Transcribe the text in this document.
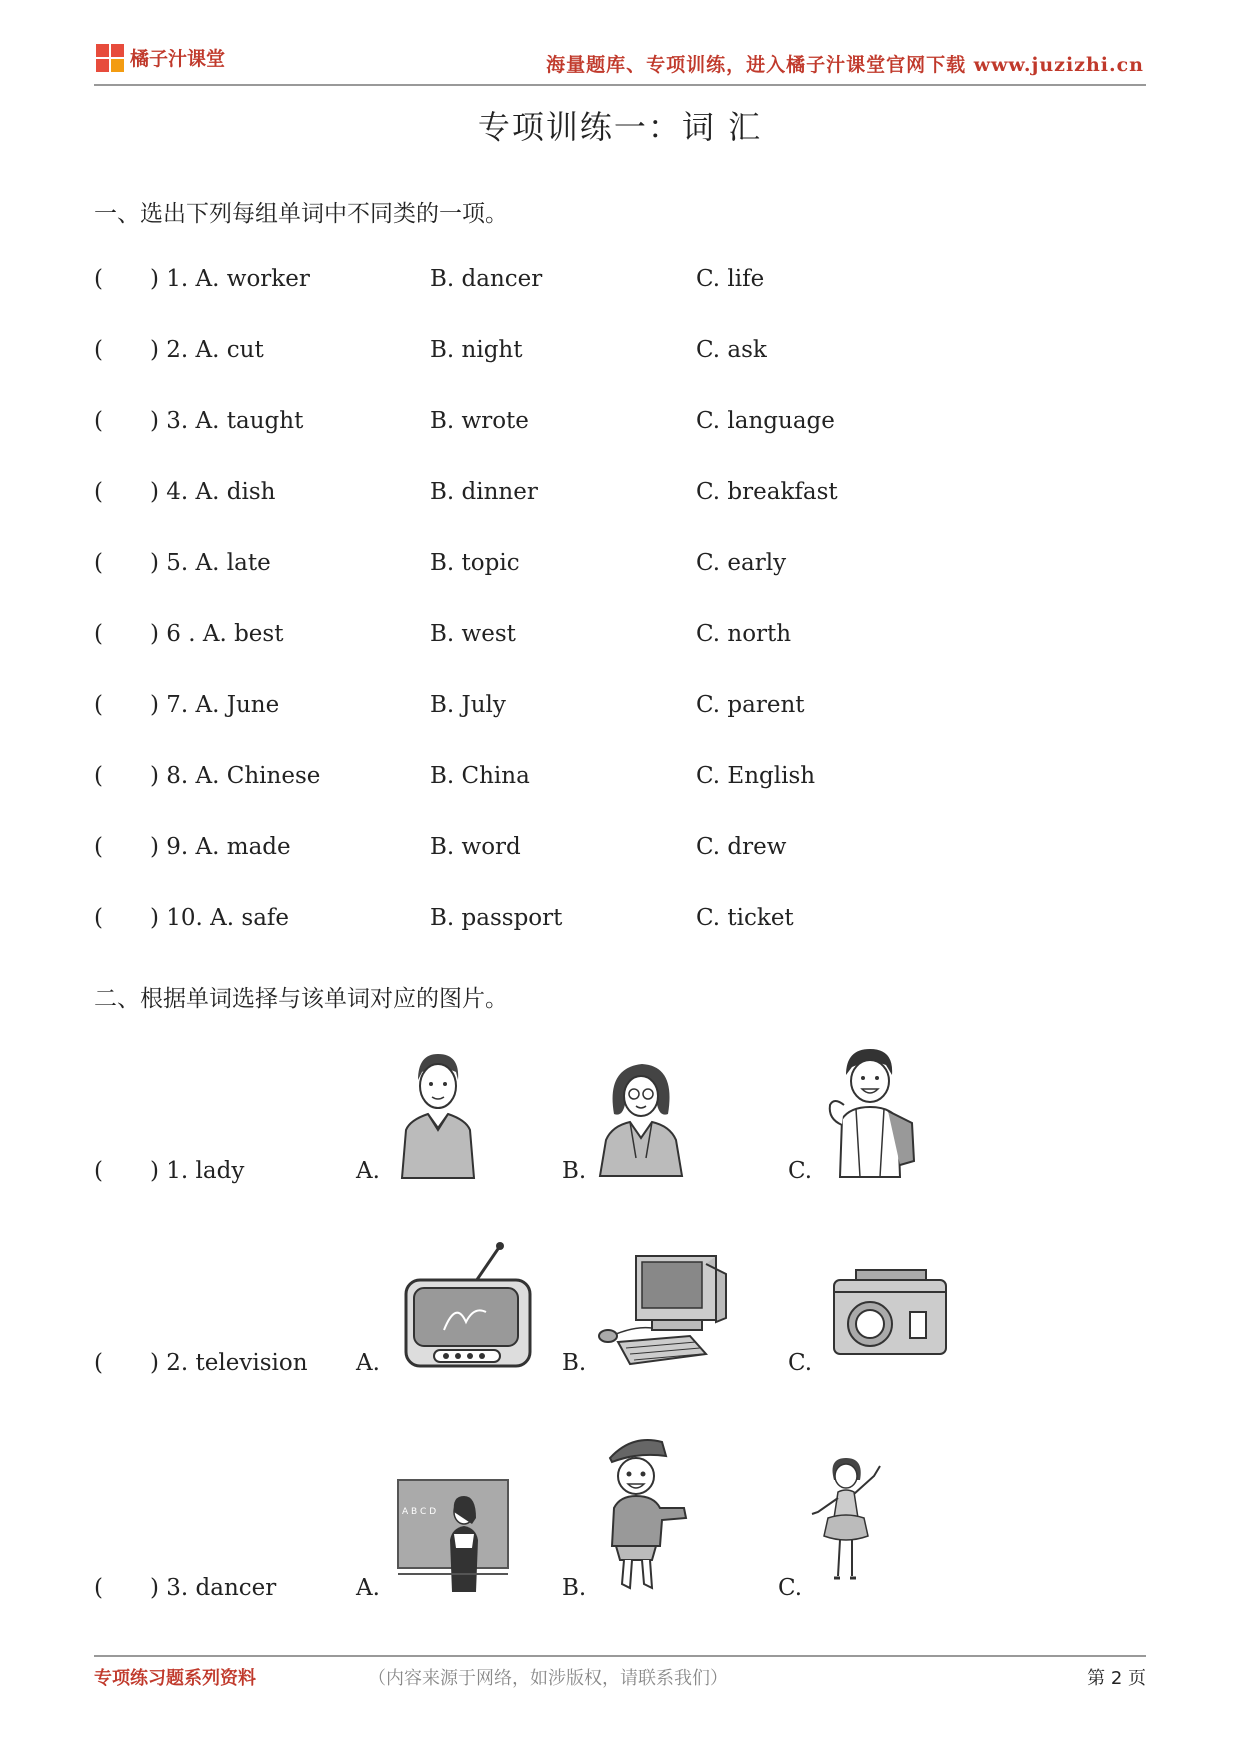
橘子汁课堂	海量题库、专项训练，进入橘子汁课堂官网下载 www.juzizhi.cn
专项训练一：词 汇
一、选出下列每组单词中不同类的一项。
( ) 1. A. worker	B. dancer	C. life
( ) 2. A. cut	B. night	C. ask
( ) 3. A. taught	B. wrote	C. language
( ) 4. A. dish	B. dinner	C. breakfast
( ) 5. A. late	B. topic	C. early
( ) 6 . A. best	B. west	C. north
( ) 7. A. June	B. July	C. parent
( ) 8. A. Chinese	B. China	C. English
( ) 9. A. made	B. word	C. drew
( ) 10. A. safe	B. passport	C. ticket
二、根据单词选择与该单词对应的图片。
( ) 1. lady	A.	B.	C.
( ) 2. television A.	B.	C.
( ) 3. dancer	A.	B.	C.
A B C D
专项练习题系列资料	（内容来源于网络，如涉版权，请联系我们）	第 2 页
